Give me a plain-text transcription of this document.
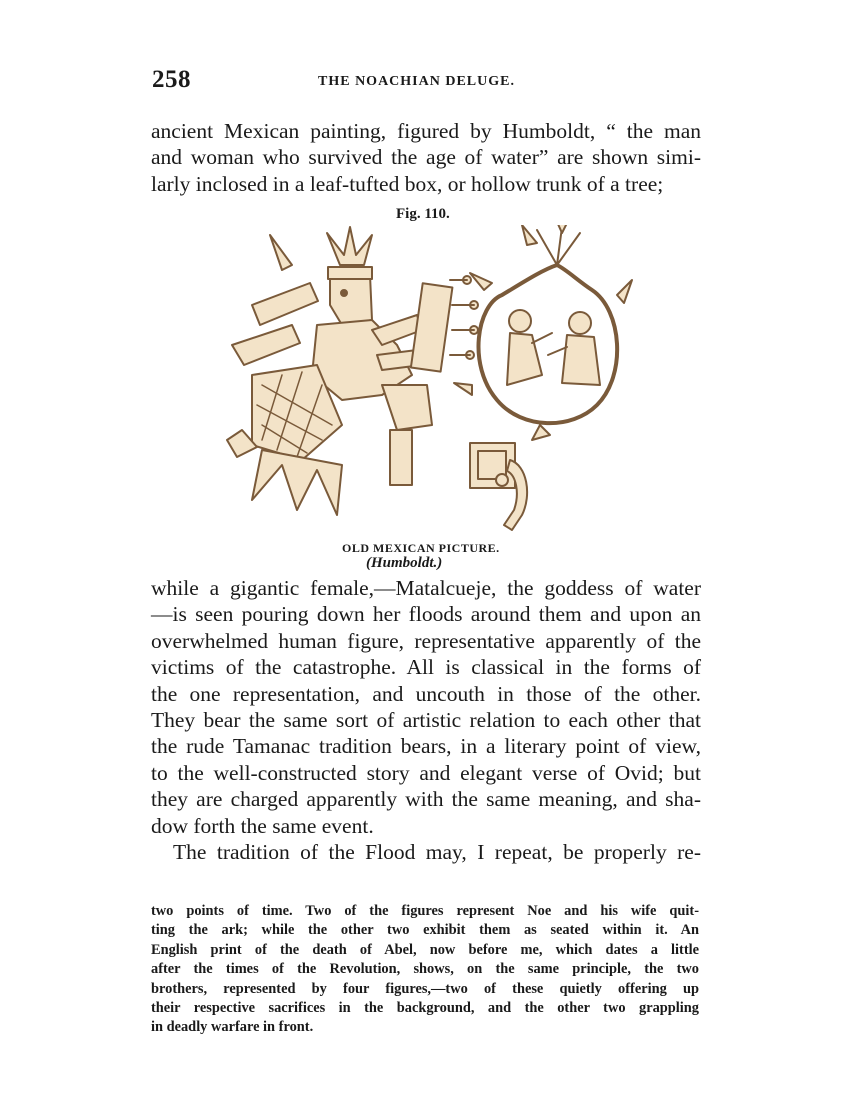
258	THE NOACHIAN DELUGE.
ancient Mexican painting, figured by Humboldt, “ the man
and woman who survived the age of water” are shown simi-
larly inclosed in a leaf-tufted box, or hollow trunk of a tree;
Fig. 110.
OLD MEXICAN PICTURE.
(Humboldt.)
while a gigantic female,—Matalcueje, the goddess of water
—is seen pouring down her floods around them and upon an
overwhelmed human figure, representative apparently of the
victims of the catastrophe. All is classical in the forms of
the one representation, and uncouth in those of the other.
They bear the same sort of artistic relation to each other that
the rude Tamanac tradition bears, in a literary point of view,
to the well-constructed story and elegant verse of Ovid; but
they are charged apparently with the same meaning, and sha-
dow forth the same event.
The tradition of the Flood may, I repeat, be properly re-
two points of time. Two of the figures represent Noe and his wife quit-
ting the ark; while the other two exhibit them as seated within it. An
English print of the death of Abel, now before me, which dates a little
after the times of the Revolution, shows, on the same principle, the two
brothers, represented by four figures,—two of these quietly offering up
their respective sacrifices in the background, and the other two grappling
in deadly warfare in front.
